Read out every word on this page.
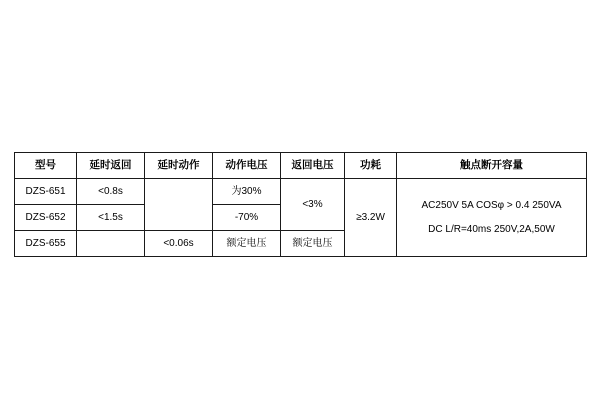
型号	延时返回	延时动作	动作电压	返回电压	功耗	触点断开容量
DZS-651	<0.8s		为30%	<3%	≥3.2W	AC250V 5A COSφ > 0.4 250VA
DC L/R=40ms 250V,2A,50W

DZS-652	<1.5s		-70%			
DZS-655		<0.06s	额定电压	额定电压		
